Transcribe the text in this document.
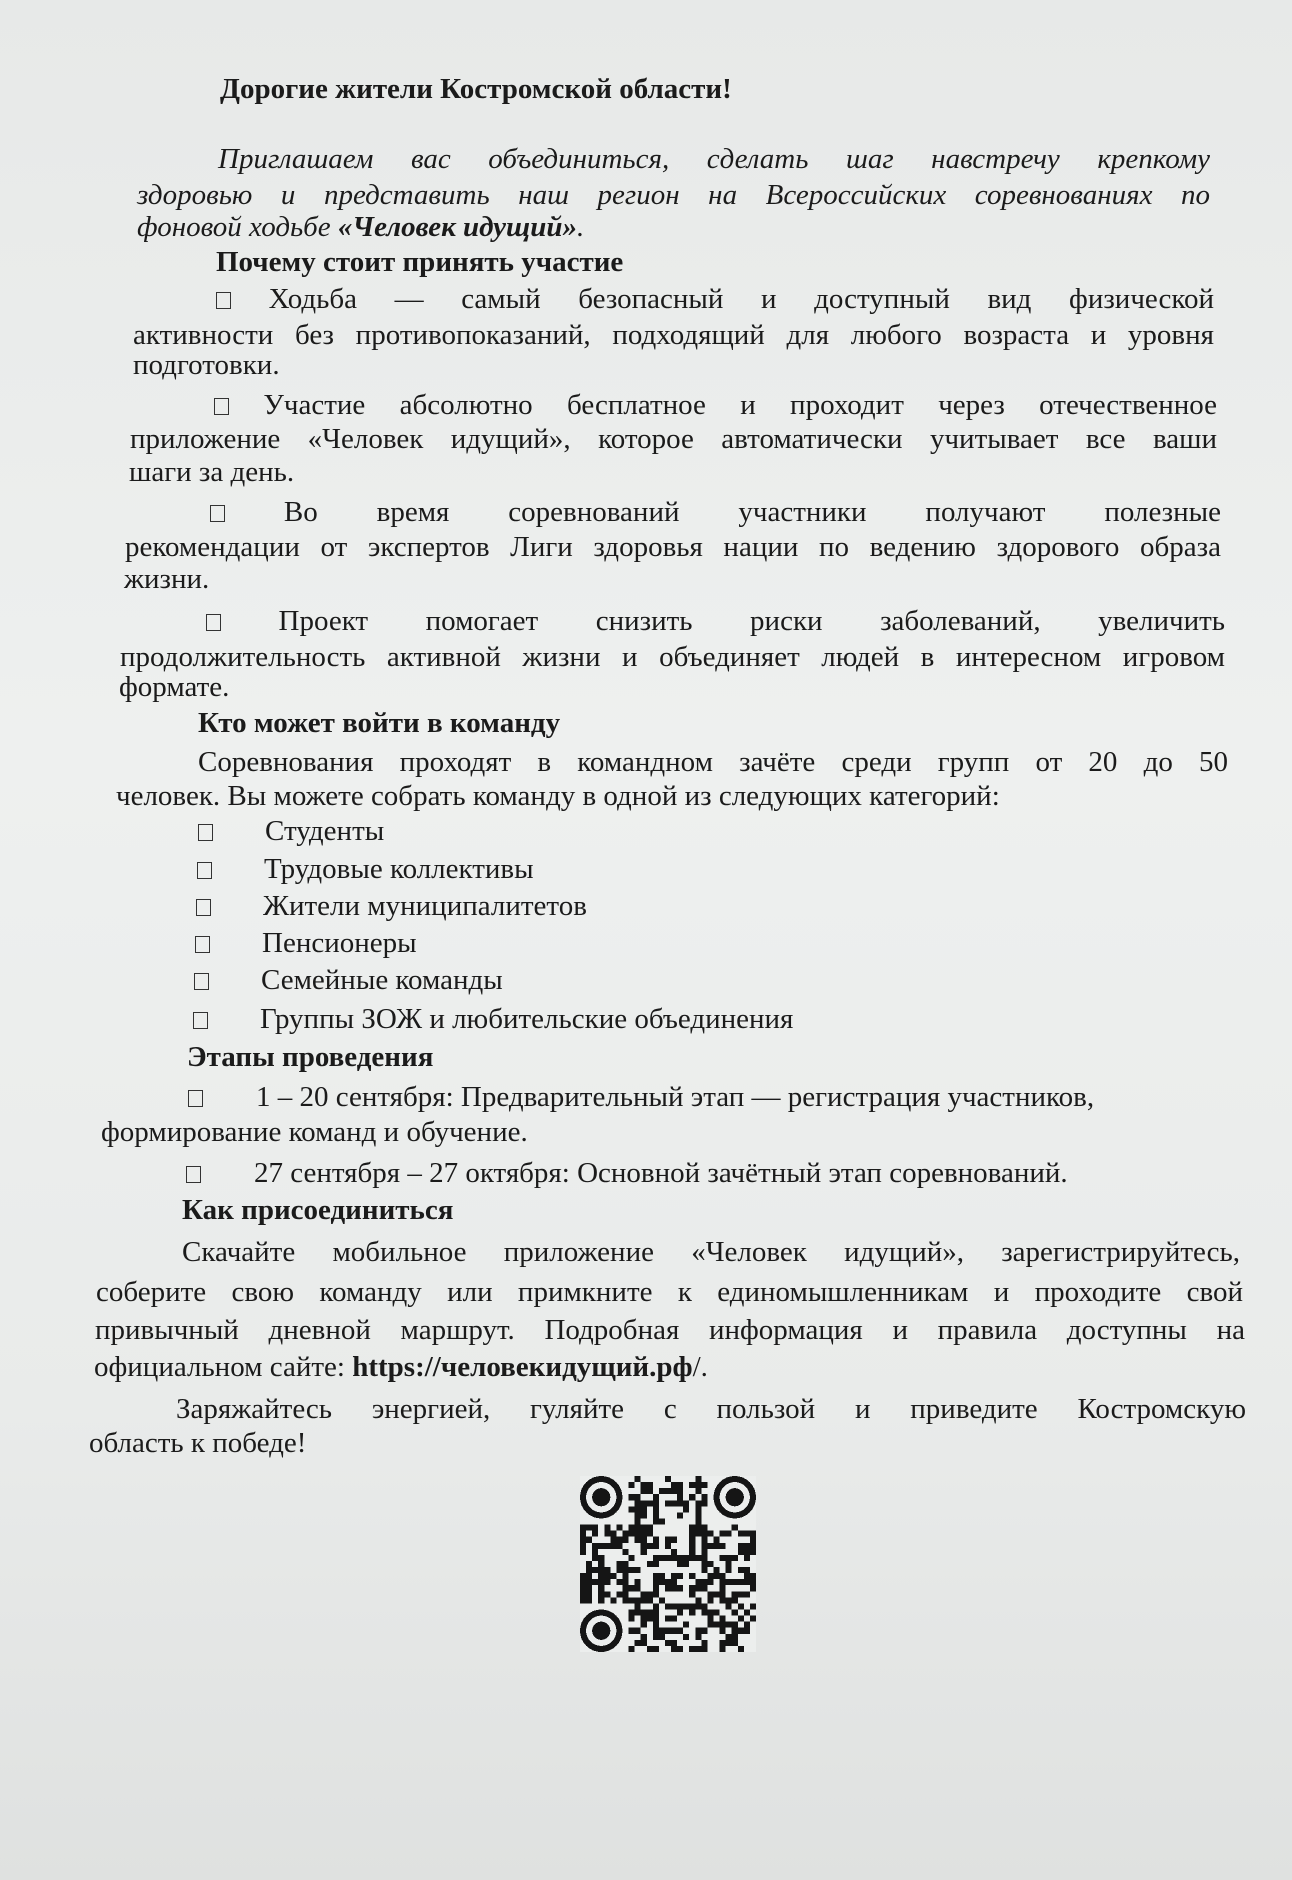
Дорогие жители Костромской области!
Приглашаем вас объединиться, сделать шаг навстречу крепкому
здоровью и представить наш регион на Всероссийских соревнованиях по
фоновой ходьбе «Человек идущий».
Почему стоит принять участие
Ходьба — самый безопасный и доступный вид физической
активности без противопоказаний, подходящий для любого возраста и уровня
подготовки.
Участие абсолютно бесплатное и проходит через отечественное
приложение «Человек идущий», которое автоматически учитывает все ваши
шаги за день.
Во время соревнований участники получают полезные
рекомендации от экспертов Лиги здоровья нации по ведению здорового образа
жизни.
Проект помогает снизить риски заболеваний, увеличить
продолжительность активной жизни и объединяет людей в интересном игровом
формате.
Кто может войти в команду
Соревнования проходят в командном зачёте среди групп от 20 до 50
человек. Вы можете собрать команду в одной из следующих категорий:
Студенты
Трудовые коллективы
Жители муниципалитетов
Пенсионеры
Семейные команды
Группы ЗОЖ и любительские объединения
Этапы проведения
1 – 20 сентября: Предварительный этап — регистрация участников,
формирование команд и обучение.
27 сентября – 27 октября: Основной зачётный этап соревнований.
Как присоединиться
Скачайте мобильное приложение «Человек идущий», зарегистрируйтесь,
соберите свою команду или примкните к единомышленникам и проходите свой
привычный дневной маршрут. Подробная информация и правила доступны на
официальном сайте: https://человекидущий.рф/.
Заряжайтесь энергией, гуляйте с пользой и приведите Костромскую
область к победе!
